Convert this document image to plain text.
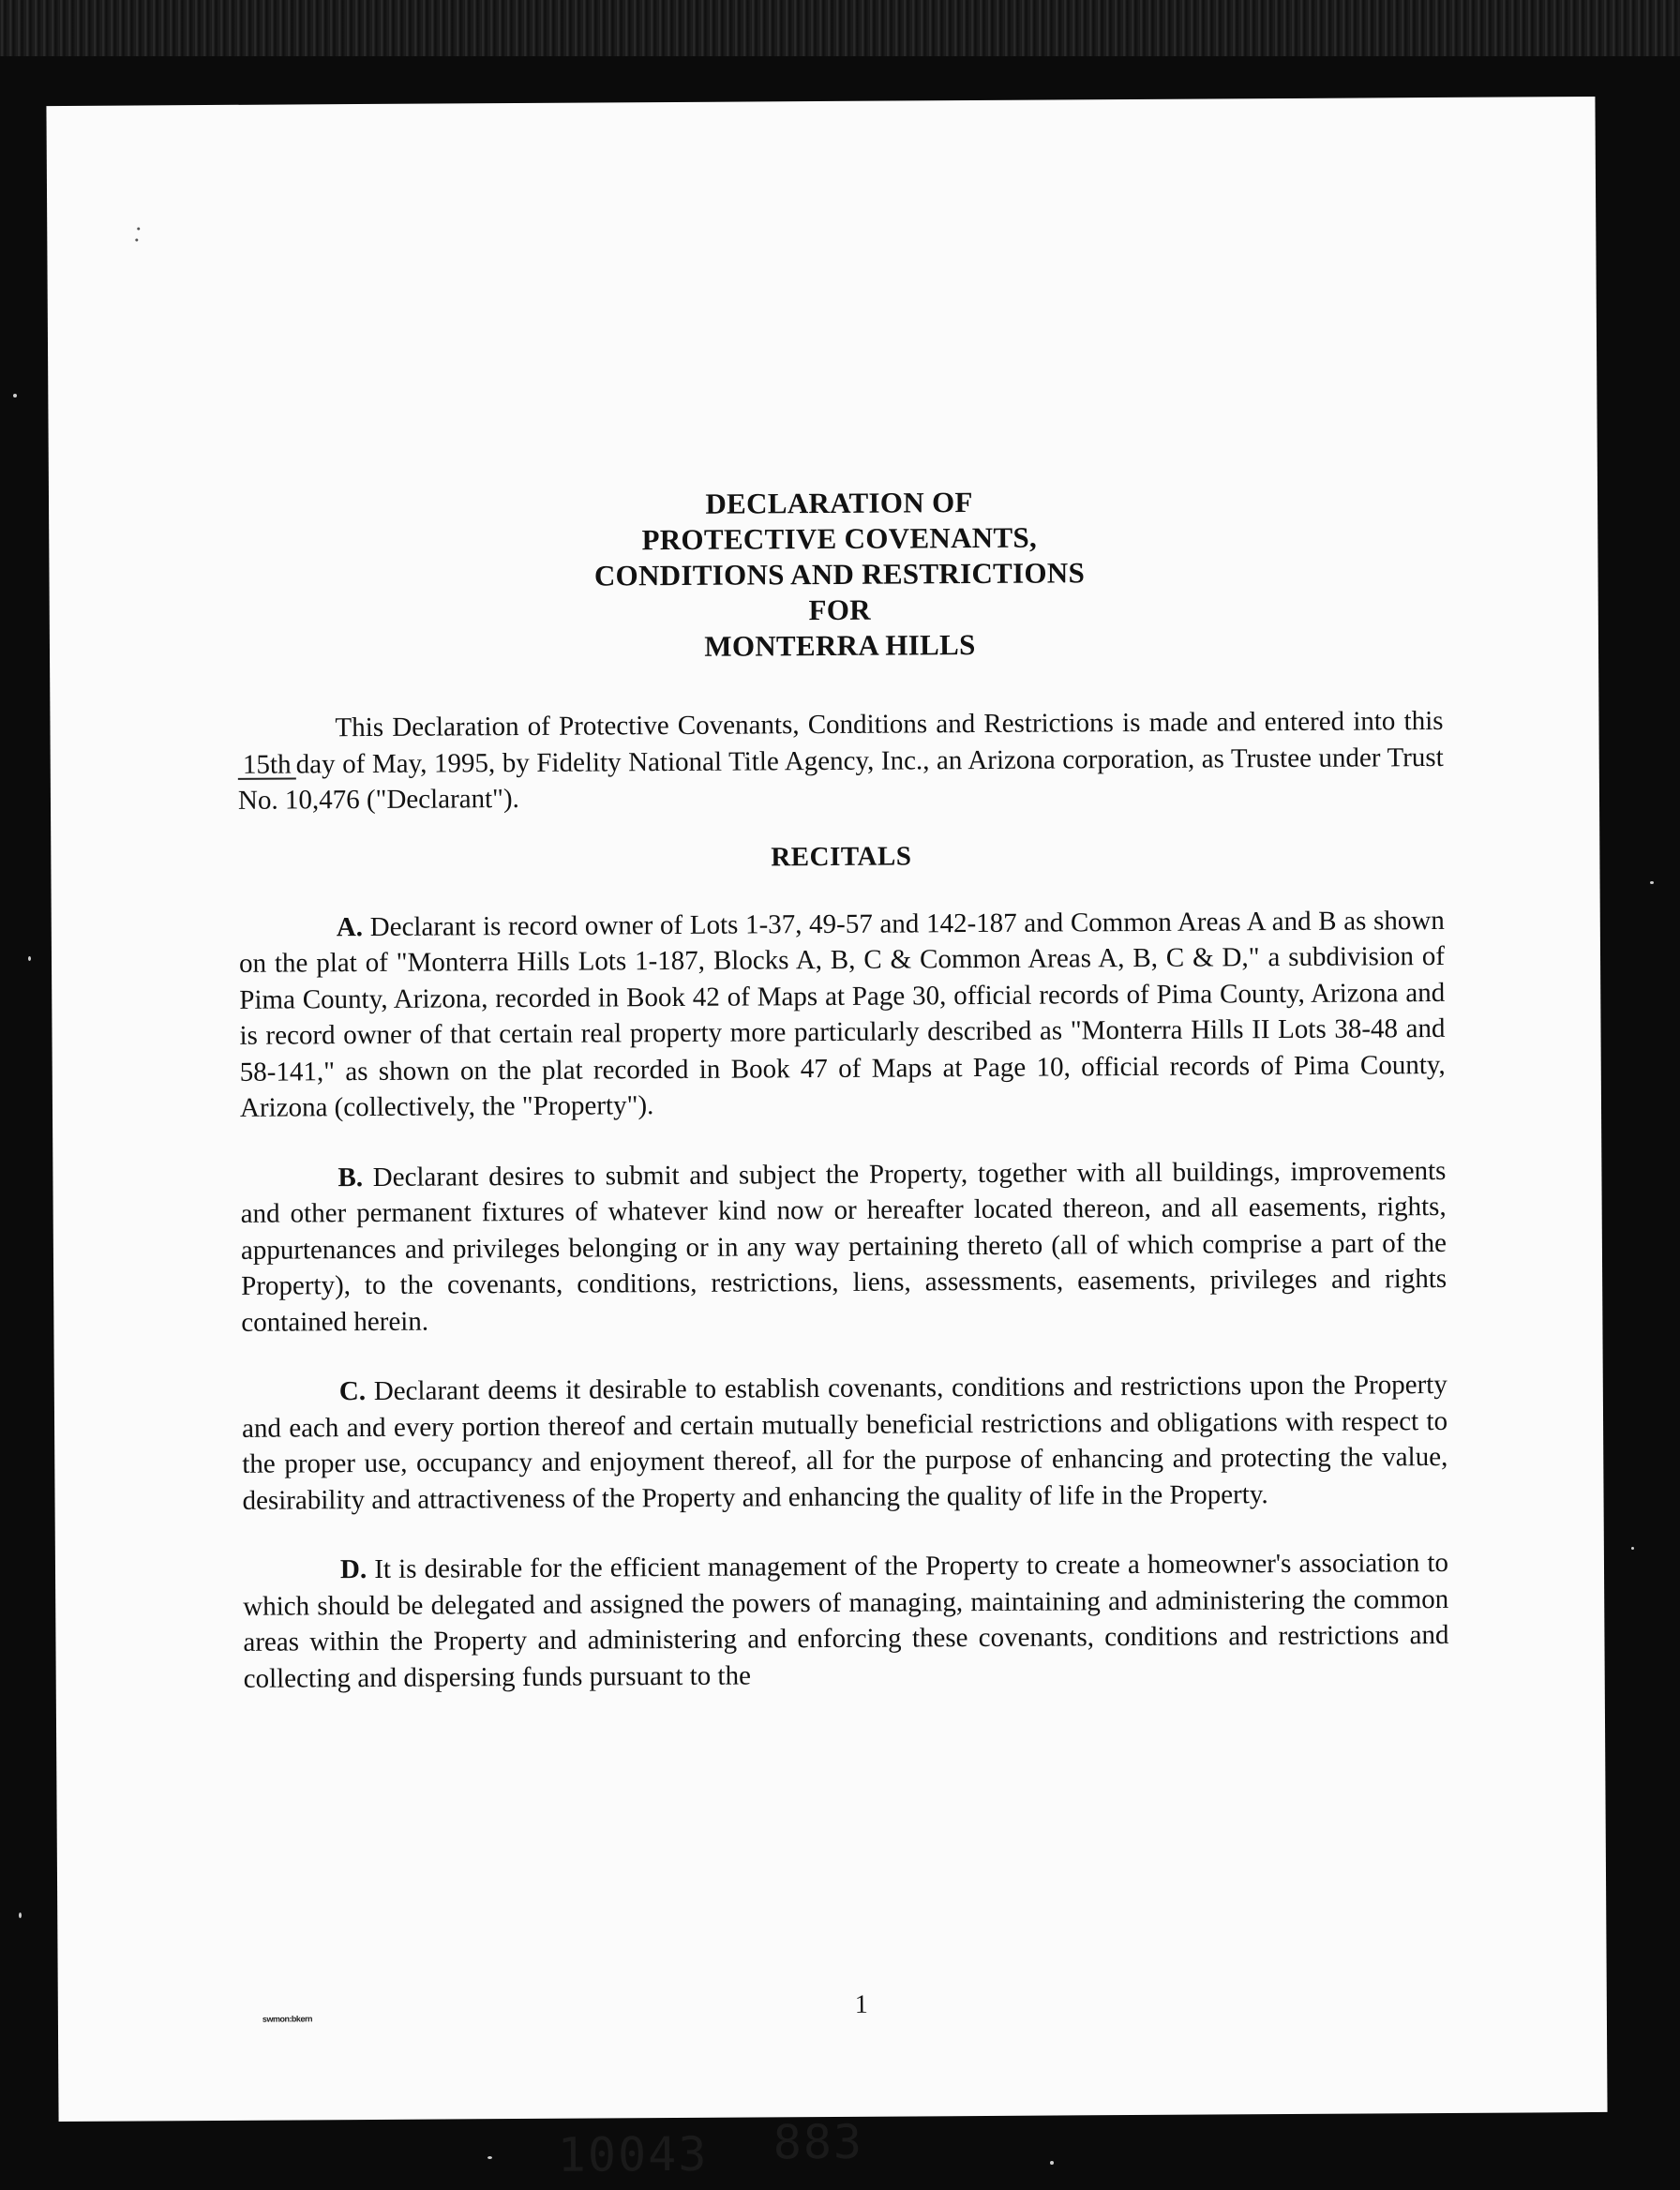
DECLARATION OF
PROTECTIVE COVENANTS,
CONDITIONS AND RESTRICTIONS
FOR
MONTERRA HILLS

This Declaration of Protective Covenants, Conditions and Restrictions is made and entered into this15th day of May, 1995, by Fidelity National Title Agency, Inc., an Arizona corporation, as Trustee under Trust No. 10,476 ("Declarant").

RECITALS

A. Declarant is record owner of Lots 1-37, 49-57 and 142-187 and Common Areas A and B as shown on the plat of "Monterra Hills Lots 1-187, Blocks A, B, C & Common Areas A, B, C & D," a subdivision of Pima County, Arizona, recorded in Book 42 of Maps at Page 30, official records of Pima County, Arizona and is record owner of that certain real property more particularly described as "Monterra Hills II Lots 38-48 and 58-141," as shown on the plat recorded in Book 47 of Maps at Page 10, official records of Pima County, Arizona (collectively, the "Property").

B. Declarant desires to submit and subject the Property, together with all buildings, improvements and other permanent fixtures of whatever kind now or hereafter located thereon, and all easements, rights, appurtenances and privileges belonging or in any way pertaining thereto (all of which comprise a part of the Property), to the covenants, conditions, restrictions, liens, assessments, easements, privileges and rights contained herein.

C. Declarant deems it desirable to establish covenants, conditions and restrictions upon the Property and each and every portion thereof and certain mutually beneficial restrictions and obligations with respect to the proper use, occupancy and enjoyment thereof, all for the purpose of enhancing and protecting the value, desirability and attractiveness of the Property and enhancing the quality of life in the Property.

D. It is desirable for the efficient management of the Property to create a homeowner's association to which should be delegated and assigned the powers of managing, maintaining and administering the common areas within the Property and administering and enforcing these covenants, conditions and restrictions and collecting and dispersing funds pursuant to the

swmon:bkern	1
10043 883
